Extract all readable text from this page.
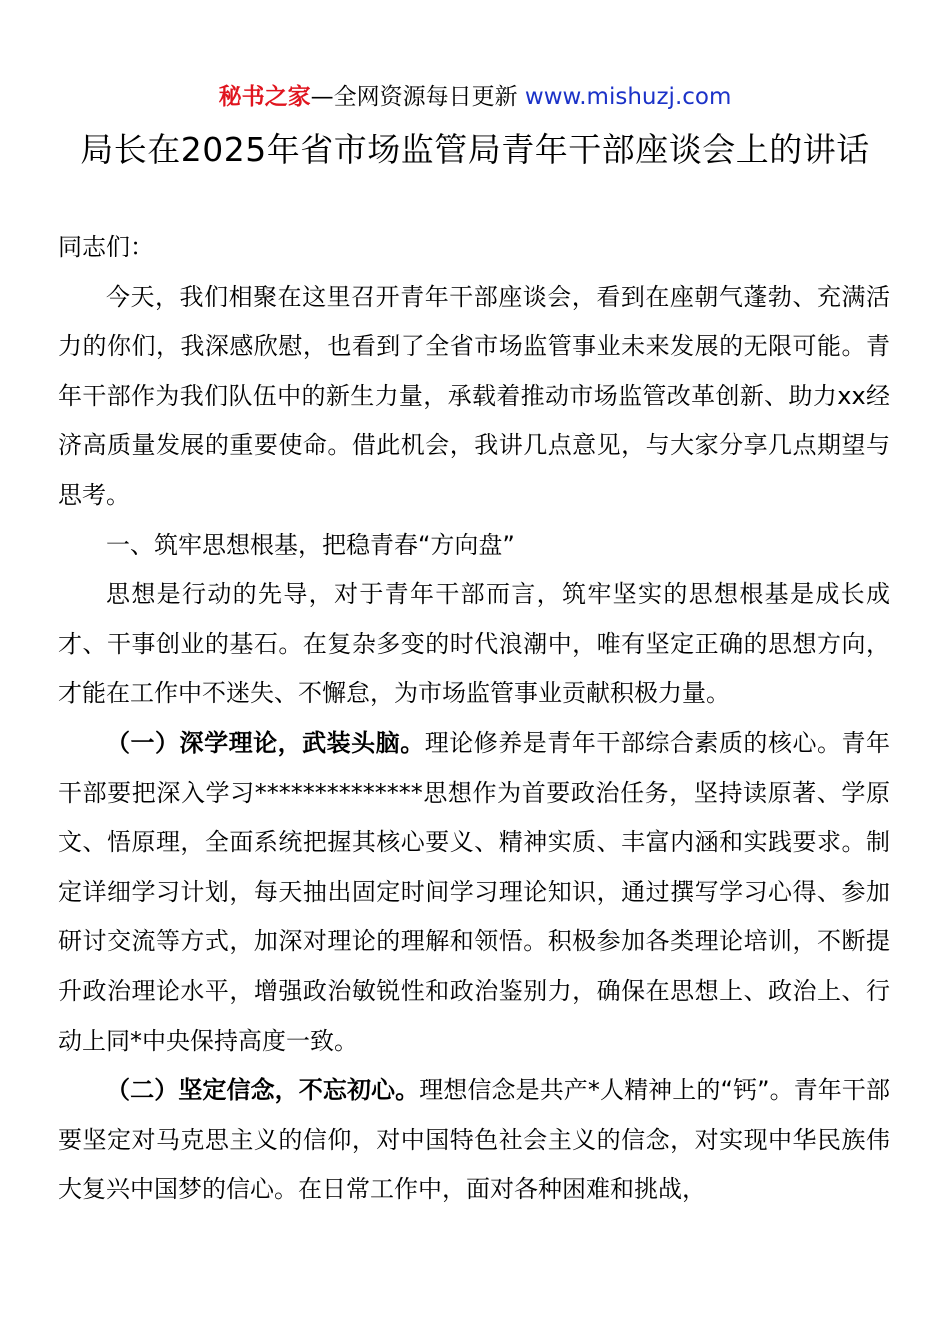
秘书之家—全网资源每日更新 www.mishuzj.com
局长在2025年省市场监管局青年干部座谈会上的讲话

同志们：

今天，我们相聚在这里召开青年干部座谈会，看到在座朝气蓬勃、充满活力的你们，我深感欣慰，也看到了全省市场监管事业未来发展的无限可能。青年干部作为我们队伍中的新生力量，承载着推动市场监管改革创新、助力xx经济高质量发展的重要使命。借此机会，我讲几点意见，与大家分享几点期望与思考。

一、筑牢思想根基，把稳青春“方向盘”

思想是行动的先导，对于青年干部而言，筑牢坚实的思想根基是成长成才、干事创业的基石。在复杂多变的时代浪潮中，唯有坚定正确的思想方向，才能在工作中不迷失、不懈怠，为市场监管事业贡献积极力量。

（一）深学理论，武装头脑。理论修养是青年干部综合素质的核心。青年干部要把深入学习**************思想作为首要政治任务，坚持读原著、学原文、悟原理，全面系统把握其核心要义、精神实质、丰富内涵和实践要求。制定详细学习计划，每天抽出固定时间学习理论知识，通过撰写学习心得、参加研讨交流等方式，加深对理论的理解和领悟。积极参加各类理论培训，不断提升政治理论水平，增强政治敏锐性和政治鉴别力，确保在思想上、政治上、行动上同*中央保持高度一致。

（二）坚定信念，不忘初心。理想信念是共产*人精神上的“钙”。青年干部要坚定对马克思主义的信仰，对中国特色社会主义的信念，对实现中华民族伟大复兴中国梦的信心。在日常工作中，面对各种困难和挑战，
